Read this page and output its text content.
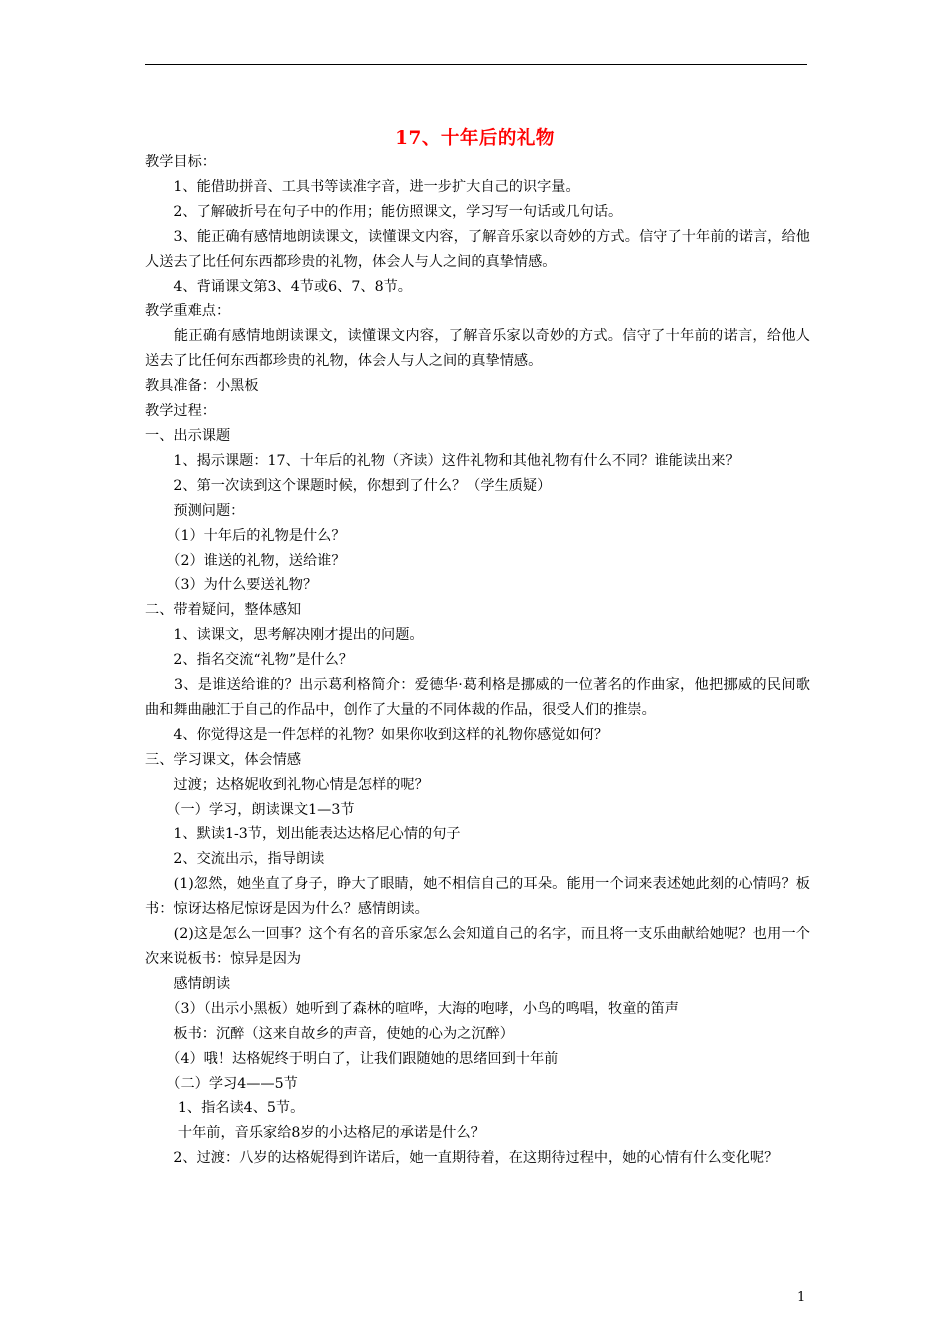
17、十年后的礼物

教学目标：

　　1、能借助拼音、工具书等读准字音，进一步扩大自己的识字量。

　　2、了解破折号在句子中的作用；能仿照课文，学习写一句话或几句话。

　　3、能正确有感情地朗读课文，读懂课文内容，了解音乐家以奇妙的方式。信守了十年前的诺言，给他人送去了比任何东西都珍贵的礼物，体会人与人之间的真挚情感。

　　4、背诵课文第3、4节或6、7、8节。

教学重难点：

　　能正确有感情地朗读课文，读懂课文内容，了解音乐家以奇妙的方式。信守了十年前的诺言，给他人送去了比任何东西都珍贵的礼物，体会人与人之间的真挚情感。

教具准备：小黑板

教学过程：

一、出示课题

　　1、揭示课题：17、十年后的礼物（齐读）这件礼物和其他礼物有什么不同？谁能读出来？

　　2、第一次读到这个课题时候，你想到了什么？（学生质疑）

　　预测问题：

　　（1）十年后的礼物是什么？

　　（2）谁送的礼物，送给谁？

　　（3）为什么要送礼物？

二、带着疑问，整体感知

　　1、读课文，思考解决刚才提出的问题。

　　2、指名交流“礼物”是什么？

　　3、是谁送给谁的？出示葛利格简介：爱德华·葛利格是挪威的一位著名的作曲家，他把挪威的民间歌曲和舞曲融汇于自己的作品中，创作了大量的不同体裁的作品，很受人们的推崇。

　　4、你觉得这是一件怎样的礼物？如果你收到这样的礼物你感觉如何？

三、学习课文，体会情感

　　过渡；达格妮收到礼物心情是怎样的呢？

　　（一）学习，朗读课文1—3节

　　1、默读1-3节，划出能表达达格尼心情的句子

　　2、交流出示，指导朗读

　　(1)忽然，她坐直了身子，睁大了眼睛，她不相信自己的耳朵。能用一个词来表述她此刻的心情吗？板书：惊讶达格尼惊讶是因为什么？感情朗读。

　　(2)这是怎么一回事？这个有名的音乐家怎么会知道自己的名字，而且将一支乐曲献给她呢？也用一个次来说板书：惊异是因为

　　感情朗读

　　（3）（出示小黑板）她听到了森林的喧哗，大海的咆哮，小鸟的鸣唱，牧童的笛声

　　板书：沉醉（这来自故乡的声音，使她的心为之沉醉）

　　（4）哦！达格妮终于明白了，让我们跟随她的思绪回到十年前

　　（二）学习4——5节

　　 1、指名读4、5节。

　　 十年前，音乐家给8岁的小达格尼的承诺是什么？

　　2、过渡：八岁的达格妮得到许诺后，她一直期待着，在这期待过程中，她的心情有什么变化呢？

1
